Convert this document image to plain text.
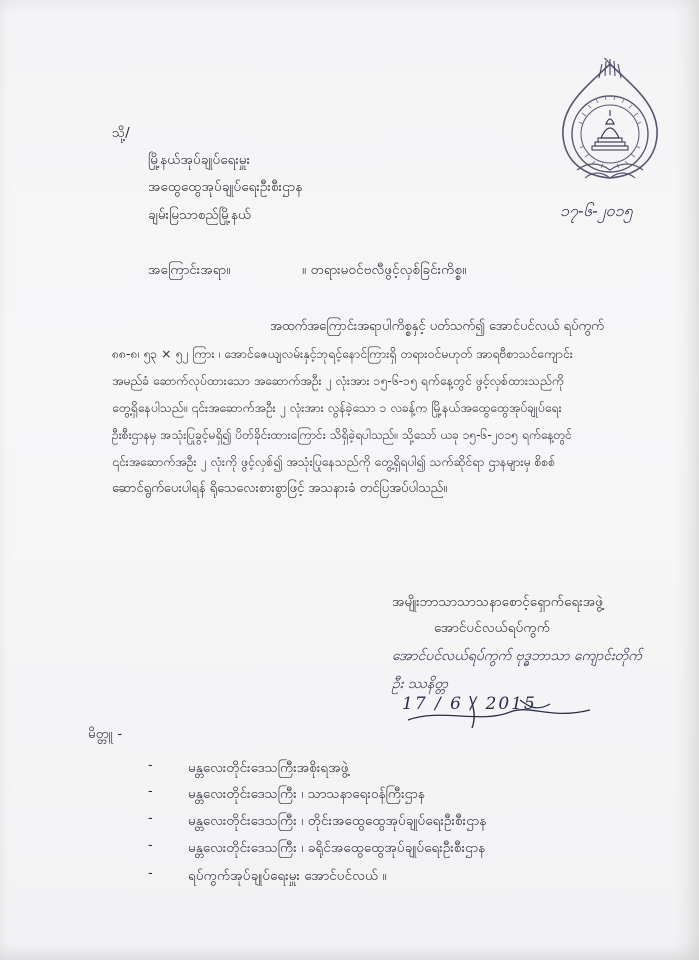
၁၇-၆-၂၀၁၅
သို့/
မြို့နယ်အုပ်ချုပ်ရေးမှူး
အထွေထွေအုပ်ချုပ်ရေးဦးစီးဌာန
ချမ်းမြသာစည်မြို့နယ်
အကြောင်းအရာ။	။ တရားမဝင်ဗလီဖွင့်လှစ်ခြင်းကိစ္စ။
အထက်အကြောင်းအရာပါကိစ္စနှင့် ပတ်သက်၍ အောင်ပင်လယ် ရပ်ကွက်
၈၈-၈၊ ၅၃ × ၅၂ ကြား ၊ အောင်ဇေယျလမ်းနှင့်ဘုရင့်နောင်ကြားရှိ တရားဝင်မဟုတ် အာရဗီစာသင်ကျောင်း
အမည်ခံ ဆောက်လုပ်ထားသော အဆောက်အဦး ၂ လုံးအား ၁၅-၆-၁၅ ရက်နေ့တွင် ဖွင့်လှစ်ထားသည်ကို
တွေ့ရှိနေပါသည်။ ၎င်းအဆောက်အဦး ၂ လုံးအား လွန်ခဲ့သော ၁ လခန့်က မြို့နယ်အထွေထွေအုပ်ချုပ်ရေး
ဦးစီးဌာနမှ အသုံးပြုခွင့်မရှိ၍ ပိတ်ခိုင်းထားကြောင်း သိရှိခဲ့ရပါသည်။ သို့သော် ယခု ၁၅-၆-၂၀၁၅ ရက်နေ့တွင်
၎င်းအဆောက်အဦး ၂ လုံးကို ဖွင့်လှစ်၍ အသုံးပြုနေသည်ကို တွေ့ရှိရပါ၍ သက်ဆိုင်ရာ ဌာနများမှ စိစစ်
ဆောင်ရွက်ပေးပါရန် ရိုသေလေးစားစွာဖြင့် အသနားခံ တင်ပြအပ်ပါသည်။
အမျိုးဘာသာသာသနာစောင့်ရှောက်ရေးအဖွဲ့
အောင်ပင်လယ်ရပ်ကွက်
အောင်ပင်လယ်ရပ်ကွက် ဗုဒ္ဓဘာသာ ကျောင်းတိုက်
ဦး ဿနိတ္တ
17 / 6 / 2015
မိတ္တူ -
-	မန္တလေးတိုင်းဒေသကြီးအစိုးရအဖွဲ့
-	မန္တလေးတိုင်းဒေသကြီး ၊ သာသနာရေးဝန်ကြီးဌာန
-	မန္တလေးတိုင်းဒေသကြီး ၊ တိုင်းအထွေထွေအုပ်ချုပ်ရေးဦးစီးဌာန
-	မန္တလေးတိုင်းဒေသကြီး ၊ ခရိုင်အထွေထွေအုပ်ချုပ်ရေးဦးစီးဌာန
-	ရပ်ကွက်အုပ်ချုပ်ရေးမှူး အောင်ပင်လယ် ။
